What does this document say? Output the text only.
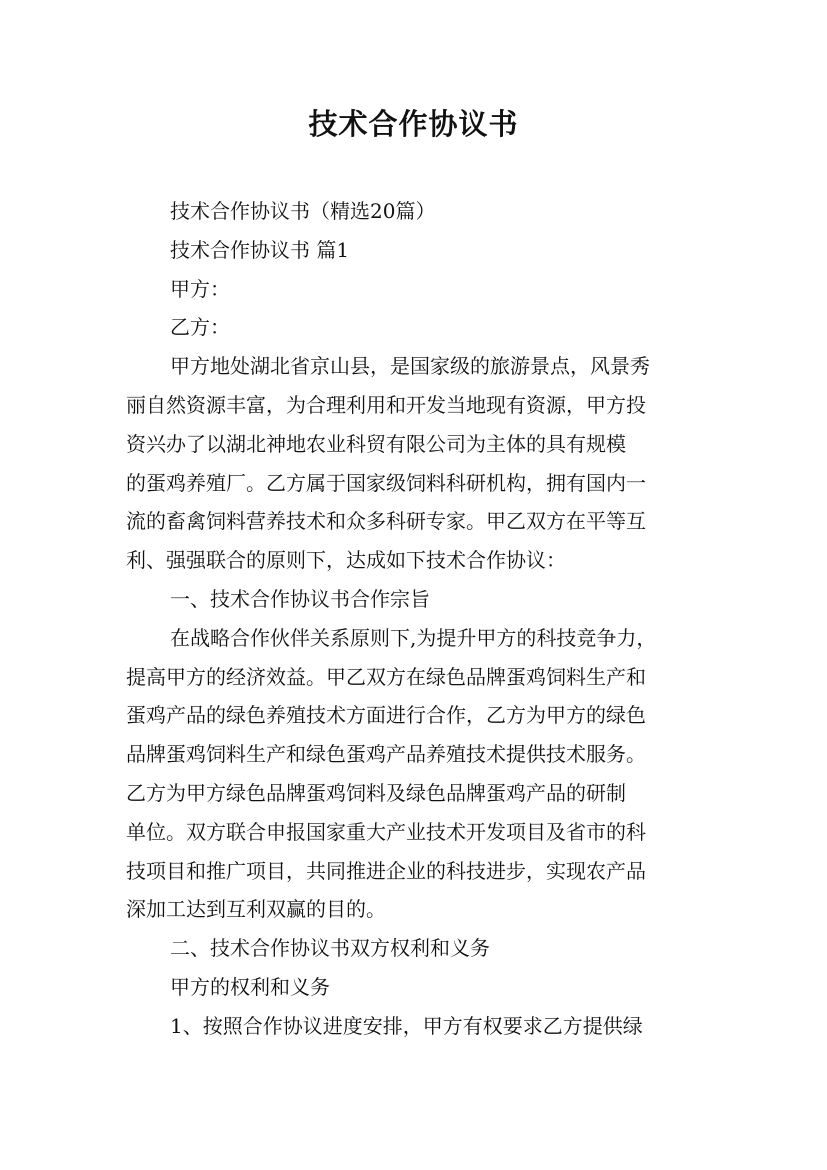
技术合作协议书

技术合作协议书（精选20篇）

技术合作协议书 篇1

甲方：

乙方：

甲方地处湖北省京山县，是国家级的旅游景点，风景秀

丽自然资源丰富，为合理利用和开发当地现有资源，甲方投

资兴办了以湖北神地农业科贸有限公司为主体的具有规模

的蛋鸡养殖厂。乙方属于国家级饲料科研机构，拥有国内一

流的畜禽饲料营养技术和众多科研专家。甲乙双方在平等互

利、强强联合的原则下，达成如下技术合作协议：

一、技术合作协议书合作宗旨

在战略合作伙伴关系原则下,为提升甲方的科技竞争力，

提高甲方的经济效益。甲乙双方在绿色品牌蛋鸡饲料生产和

蛋鸡产品的绿色养殖技术方面进行合作，乙方为甲方的绿色

品牌蛋鸡饲料生产和绿色蛋鸡产品养殖技术提供技术服务。

乙方为甲方绿色品牌蛋鸡饲料及绿色品牌蛋鸡产品的研制

单位。双方联合申报国家重大产业技术开发项目及省市的科

技项目和推广项目，共同推进企业的科技进步，实现农产品

深加工达到互利双赢的目的。

二、技术合作协议书双方权利和义务

甲方的权利和义务

1、按照合作协议进度安排，甲方有权要求乙方提供绿
